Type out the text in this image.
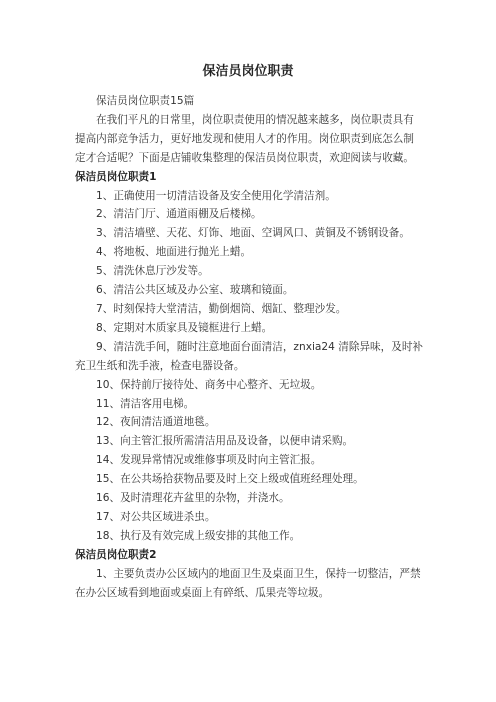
保洁员岗位职责

保洁员岗位职责15篇

在我们平凡的日常里，岗位职责使用的情况越来越多，岗位职责具有提高内部竞争活力，更好地发现和使用人才的作用。岗位职责到底怎么制定才合适呢？下面是店铺收集整理的保洁员岗位职责，欢迎阅读与收藏。

保洁员岗位职责1

1、正确使用一切清洁设备及安全使用化学清洁剂。

2、清洁门厅、通道雨棚及后楼梯。

3、清洁墙壁、天花、灯饰、地面、空调风口、黄铜及不锈钢设备。

4、将地板、地面进行抛光上蜡。

5、清洗休息厅沙发等。

6、清洁公共区域及办公室、玻璃和镜面。

7、时刻保持大堂清洁，勤倒烟筒、烟缸、整理沙发。

8、定期对木质家具及镜框进行上蜡。

9、清洁洗手间，随时注意地面台面清洁，znxia24 清除异味，及时补充卫生纸和洗手液，检查电器设备。

10、保持前厅接待处、商务中心整齐、无垃圾。

11、清洁客用电梯。

12、夜间清洁通道地毯。

13、向主管汇报所需清洁用品及设备，以便申请采购。

14、发现异常情况或维修事项及时向主管汇报。

15、在公共场拾获物品要及时上交上级或值班经理处理。

16、及时清理花卉盆里的杂物，并浇水。

17、对公共区域进杀虫。

18、执行及有效完成上级安排的其他工作。

保洁员岗位职责2

1、主要负责办公区域内的地面卫生及桌面卫生，保持一切整洁，严禁在办公区域看到地面或桌面上有碎纸、瓜果壳等垃圾。
